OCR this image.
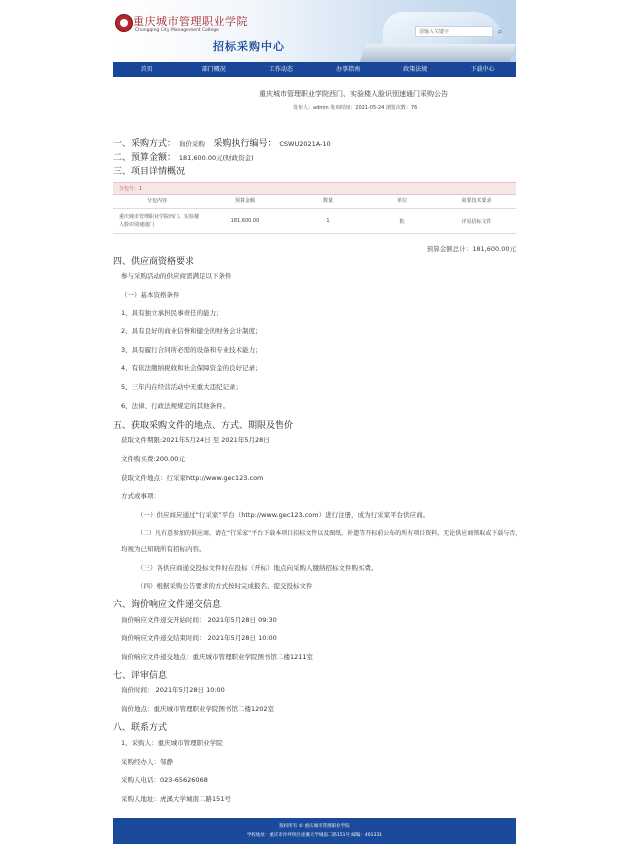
重庆城市管理职业学院
Chongqing City Management College
招标采购中心
请输入关键字	⌕
首页	部门概况	工作动态	办事指南	政策法规	下载中心
重庆城市管理职业学院西门、实验楼人脸识别速通门采购公告
发布人：admin 发布时间：2021-05-24 浏览次数：76
一、采购方式： 询价采购 采购执行编号： CSWU2021A-10
二、预算金额： 181,600.00元(财政资金)
三、项目详情概况
分包号：1
分包内容	预算金额	数量	单位	简要技术要求
重庆城市管理职业学院西门、实验楼人脸识别速通门
181,600.00	1	批	详见招标文件
预算金额总计：181,600.00元
四、供应商资格要求
参与采购活动的供应商需满足以下条件
（一）基本资格条件
1、具有独立承担民事责任的能力；
2、具有良好的商业信誉和健全的财务会计制度；
3、具有履行合同所必需的设备和专业技术能力；
4、有依法缴纳税收和社会保障资金的良好记录；
5、三年内在经营活动中无重大违纪记录；
6、法律、行政法规规定的其他条件。
五、获取采购文件的地点、方式、期限及售价
获取文件期限:2021年5月24日 至 2021年5月28日
文件购买费:200.00元
获取文件地点：行采家http://www.gec123.com
方式或事项：
（一）供应商应通过“行采家”平台（http://www.gec123.com）进行注册，成为行采家平台供应商。
（二）凡有意参加的供应商，请在“行采家”平台下载本项目招标文件以及图纸、补遗等开标前公布的所有项目资料，无论供应商领取或下载与否，
均视为已知晓所有招标内容。
（三）各供应商递交投标文件时在投标（开标）地点向采购人缴纳招标文件购买费。
（四）根据采购公告要求的方式按时完成报名、提交投标文件
六、询价响应文件递交信息
询价响应文件递交开始时间： 2021年5月28日 09:30
询价响应文件递交结束时间： 2021年5月28日 10:00
询价响应文件递交地点：重庆城市管理职业学院图书馆二楼1211室
七、评审信息
询价时间： 2021年5月28日 10:00
询价地点：重庆城市管理职业学院图书馆二楼1202室
八、联系方式
1、采购人：重庆城市管理职业学院
采购经办人：邹静
采购人电话：023-65626068
采购人地址：虎溪大学城南二路151号
版权所有 © 重庆城市管理职业学院
学校地址：重庆市沙坪坝区虎溪大学城南二路151号 邮编：401331
